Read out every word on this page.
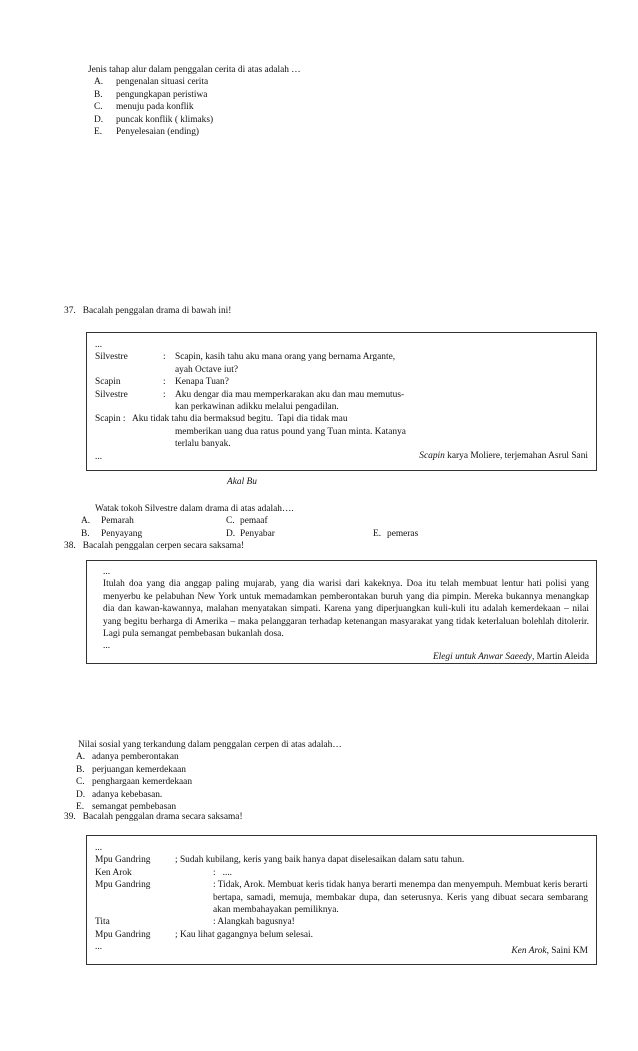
Jenis tahap alur dalam penggalan cerita di atas adalah …
A.	pengenalan situasi cerita
B.	pengungkapan peristiwa
C.	menuju pada konflik
D.	puncak konflik ( klimaks)
E.	Penyelesaian (ending)
37. Bacalah penggalan drama di bawah ini!
...
Silvestre	: Scapin, kasih tahu aku mana orang yang bernama Argante,
ayah Octave iut?
Scapin	: Kenapa Tuan?
Silvestre	: Aku dengar dia mau memperkarakan aku dan mau memutus-
kan perkawinan adikku melalui pengadilan.
Scapin :   Aku tidak tahu dia bermaksud begitu.  Tapi dia tidak mau
memberikan uang dua ratus pound yang Tuan minta. Katanya
terlalu banyak.
...	Scapin karya Moliere, terjemahan Asrul Sani
Akal Bu
Watak tokoh Silvestre dalam drama di atas adalah….
A. Pemarah
B. Penyayang
C. pemaaf
D. Penyabar	E. pemeras
38. Bacalah penggalan cerpen secara saksama!
...
Itulah doa yang dia anggap paling mujarab, yang dia warisi dari kakeknya. Doa itu telah membuat lentur hati polisi yang menyerbu ke pelabuhan New York untuk memadamkan pemberontakan buruh yang dia pimpin. Mereka bukannya menangkap dia dan kawan-kawannya, malahan menyatakan simpati. Karena yang diperjuangkan kuli-kuli itu adalah kemerdekaan – nilai yang begitu berharga di Amerika – maka pelanggaran terhadap ketenangan masyarakat yang tidak keterlaluan bolehlah ditolerir. Lagi pula semangat pembebasan bukanlah dosa.
...
Elegi untuk Anwar Saeedy, Martin Aleida
Nilai sosial yang terkandung dalam penggalan cerpen di atas adalah…
A. adanya pemberontakan
B. perjuangan kemerdekaan
C. penghargaan kemerdekaan
D. adanya kebebasan.
E. semangat pembebasan
39. Bacalah penggalan drama secara saksama!
...
Mpu Gandring	; Sudah kubilang, keris yang baik hanya dapat diselesaikan dalam satu tahun.
Ken Arok	:   ....
Mpu Gandring	: Tidak, Arok. Membuat keris tidak hanya berarti menempa dan menyempuh. Membuat keris berarti bertapa, samadi, memuja, membakar dupa, dan seterusnya. Keris yang dibuat secara sembarang akan membahayakan pemiliknya.
Tita	: Alangkah bagusnya!
Mpu Gandring	; Kau lihat gagangnya belum selesai.
...	Ken Arok, Saini KM
